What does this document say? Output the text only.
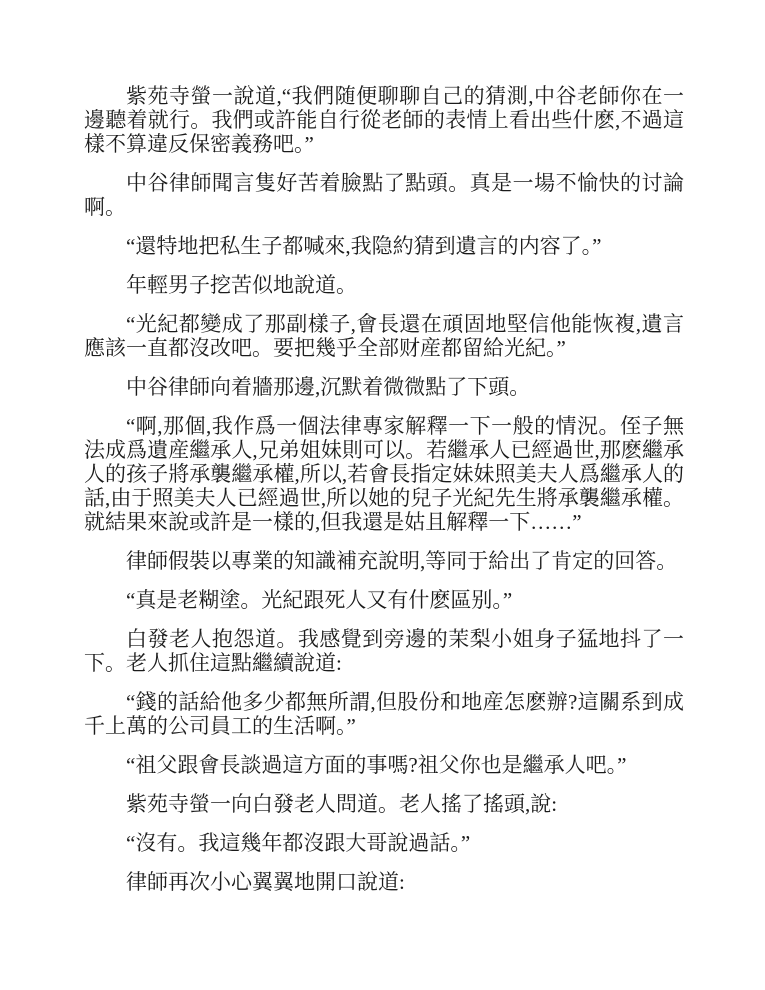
紫苑寺螢一說道,“我們随便聊聊自己的猜測,中谷老師你在一邊聽着就行。我們或許能自行從老師的表情上看出些什麽,不過這樣不算違反保密義務吧。”

中谷律師聞言隻好苦着臉點了點頭。真是一場不愉快的讨論啊。

“還特地把私生子都喊來,我隐約猜到遺言的内容了。”

年輕男子挖苦似地說道。

“光紀都變成了那副樣子,會長還在頑固地堅信他能恢複,遺言應該一直都沒改吧。要把幾乎全部财産都留給光紀。”

中谷律師向着牆那邊,沉默着微微點了下頭。

“啊,那個,我作爲一個法律專家解釋一下一般的情況。侄子無法成爲遺産繼承人,兄弟姐妹則可以。若繼承人已經過世,那麽繼承人的孩子將承襲繼承權,所以,若會長指定妹妹照美夫人爲繼承人的話,由于照美夫人已經過世,所以她的兒子光紀先生將承襲繼承權。就結果來說或許是一樣的,但我還是姑且解釋一下……”

律師假裝以專業的知識補充說明,等同于給出了肯定的回答。

“真是老糊塗。光紀跟死人又有什麽區别。”

白發老人抱怨道。我感覺到旁邊的茉梨小姐身子猛地抖了一下。老人抓住這點繼續說道:

“錢的話給他多少都無所謂,但股份和地産怎麽辦?這關系到成千上萬的公司員工的生活啊。”

“祖父跟會長談過這方面的事嗎?祖父你也是繼承人吧。”

紫苑寺螢一向白發老人問道。老人搖了搖頭,說:

“沒有。我這幾年都沒跟大哥說過話。”

律師再次小心翼翼地開口說道:
